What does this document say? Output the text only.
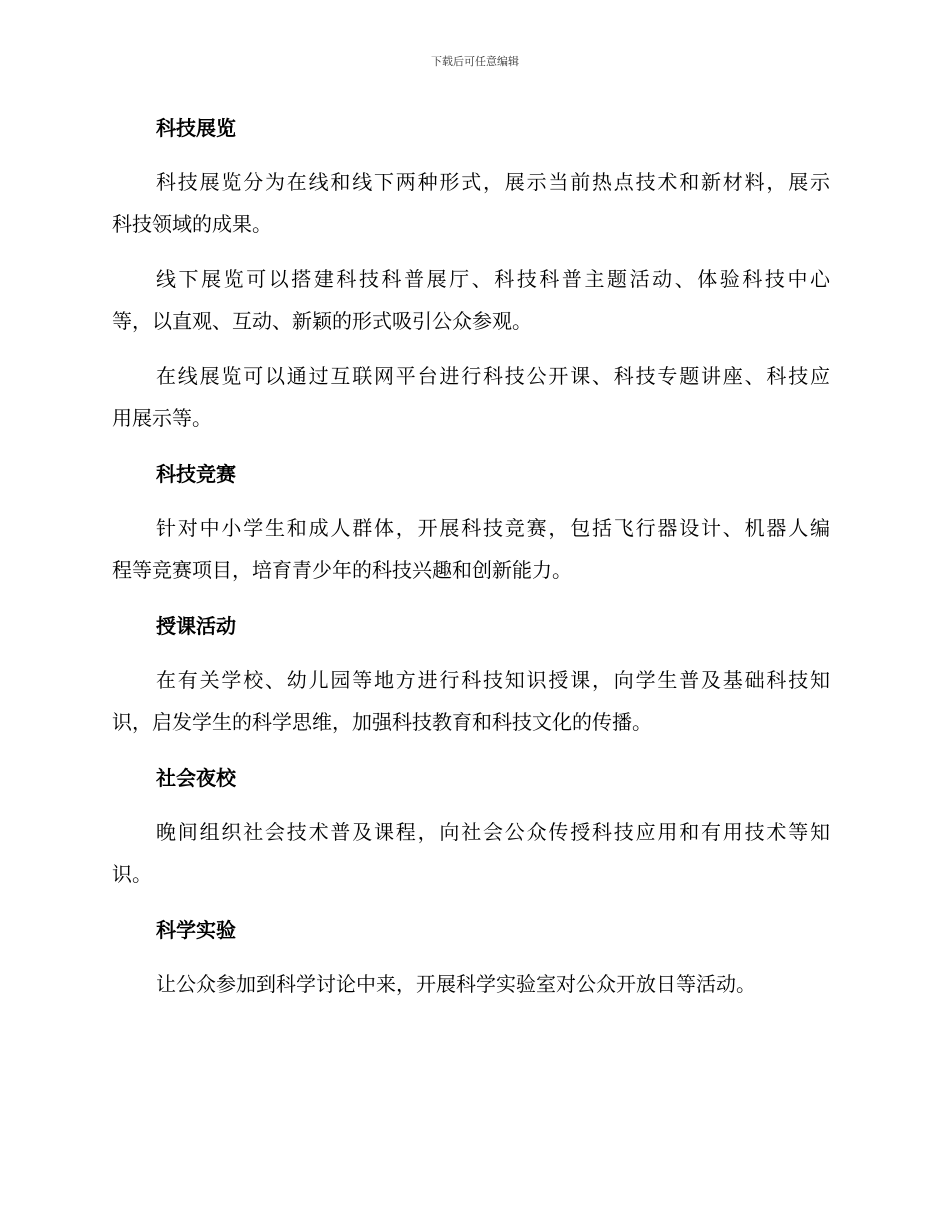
下载后可任意编辑
科技展览
科技展览分为在线和线下两种形式，展示当前热点技术和新材料，展示
科技领域的成果。
线下展览可以搭建科技科普展厅、科技科普主题活动、体验科技中心
等，以直观、互动、新颖的形式吸引公众参观。
在线展览可以通过互联网平台进行科技公开课、科技专题讲座、科技应
用展示等。
科技竞赛
针对中小学生和成人群体，开展科技竞赛，包括飞行器设计、机器人编
程等竞赛项目，培育青少年的科技兴趣和创新能力。
授课活动
在有关学校、幼儿园等地方进行科技知识授课，向学生普及基础科技知
识，启发学生的科学思维，加强科技教育和科技文化的传播。
社会夜校
晚间组织社会技术普及课程，向社会公众传授科技应用和有用技术等知
识。
科学实验
让公众参加到科学讨论中来，开展科学实验室对公众开放日等活动。
